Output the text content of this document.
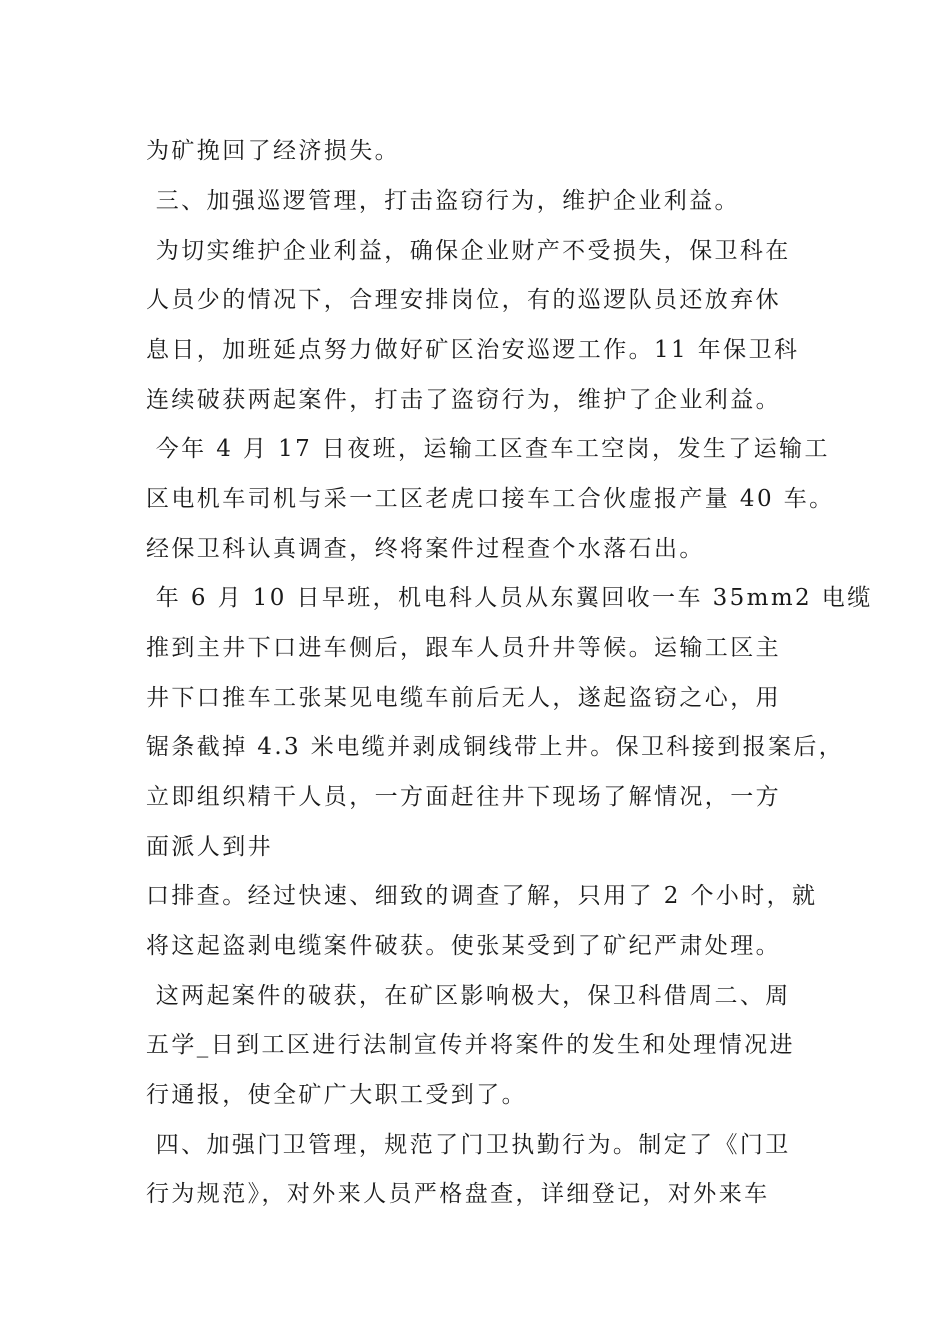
为矿挽回了经济损失。
三、加强巡逻管理，打击盗窃行为，维护企业利益。
为切实维护企业利益，确保企业财产不受损失，保卫科在
人员少的情况下，合理安排岗位，有的巡逻队员还放弃休
息日，加班延点努力做好矿区治安巡逻工作。11 年保卫科
连续破获两起案件，打击了盗窃行为，维护了企业利益。
今年 4 月 17 日夜班，运输工区查车工空岗，发生了运输工
区电机车司机与采一工区老虎口接车工合伙虚报产量 40 车。
经保卫科认真调查，终将案件过程查个水落石出。
年 6 月 10 日早班，机电科人员从东翼回收一车 35mm2 电缆
推到主井下口进车侧后，跟车人员升井等候。运输工区主
井下口推车工张某见电缆车前后无人，遂起盗窃之心，用
锯条截掉 4.3 米电缆并剥成铜线带上井。保卫科接到报案后，
立即组织精干人员，一方面赶往井下现场了解情况，一方
面派人到井
口排查。经过快速、细致的调查了解，只用了 2 个小时，就
将这起盗剥电缆案件破获。使张某受到了矿纪严肃处理。
这两起案件的破获，在矿区影响极大，保卫科借周二、周
五学_日到工区进行法制宣传并将案件的发生和处理情况进
行通报，使全矿广大职工受到了。
四、加强门卫管理，规范了门卫执勤行为。制定了《门卫
行为规范》，对外来人员严格盘查，详细登记，对外来车
